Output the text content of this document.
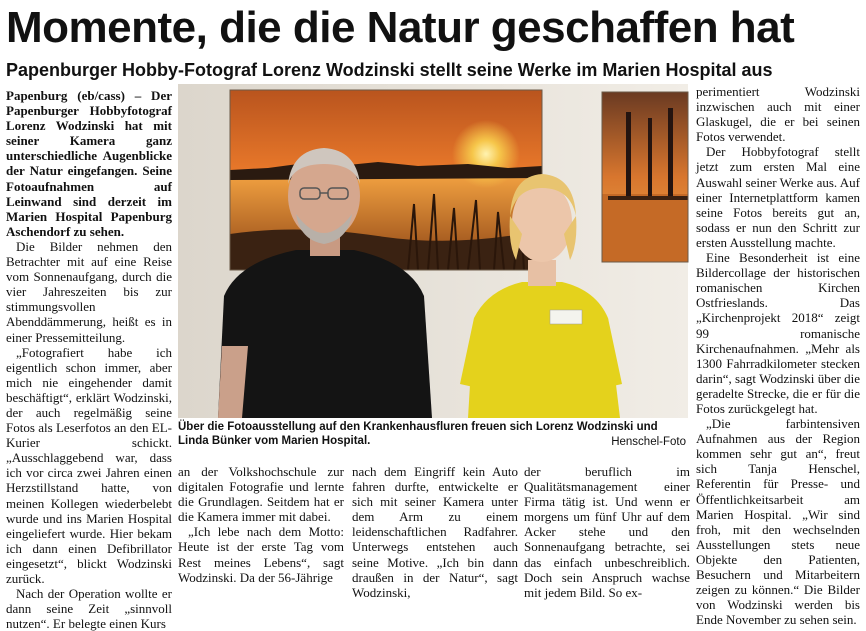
Momente, die die Natur geschaffen hat
Papenburger Hobby-Fotograf Lorenz Wodzinski stellt seine Werke im Marien Hospital aus

Papenburg (eb/cass) – Der Papenburger Hobbyfotograf Lorenz Wodzinski hat mit seiner Kamera ganz unterschiedliche Augenblicke der Natur eingefangen. Seine Fotoaufnahmen auf Leinwand sind derzeit im Marien Hospital Papenburg Aschendorf zu sehen.

Die Bilder nehmen den Betrachter mit auf eine Reise vom Sonnenaufgang, durch die vier Jahreszeiten bis zur stimmungsvollen Abenddämmerung, heißt es in einer Pressemitteilung.

„Fotografiert habe ich eigentlich schon immer, aber mich nie eingehender damit beschäftigt“, erklärt Wodzinski, der auch regelmäßig seine Fotos als Leserfotos an den EL-Kurier schickt. „Ausschlaggebend war, dass ich vor circa zwei Jahren einen Herzstillstand hatte, von meinen Kollegen wiederbelebt wurde und ins Marien Hospital eingeliefert wurde. Hier bekam ich dann einen Defibrillator eingesetzt“, blickt Wodzinski zurück.

Nach der Operation wollte er dann seine Zeit „sinnvoll nutzen“. Er belegte einen Kurs

Über die Fotoausstellung auf den Krankenhausfluren freuen sich Lorenz Wodzinski und Linda Bünker vom Marien Hospital.	Henschel-Foto

an der Volkshochschule zur digitalen Fotografie und lernte die Grundlagen. Seitdem hat er die Kamera immer mit dabei.

„Ich lebe nach dem Motto: Heute ist der erste Tag vom Rest meines Lebens“, sagt Wodzinski. Da der 56-Jährige

nach dem Eingriff kein Auto fahren durfte, entwickelte er sich mit seiner Kamera unter dem Arm zu einem leidenschaftlichen Radfahrer. Unterwegs entstehen auch seine Motive. „Ich bin dann draußen in der Natur“, sagt Wodzinski,

der beruflich im Qualitätsmanagement einer Firma tätig ist. Und wenn er morgens um fünf Uhr auf dem Acker stehe und den Sonnenaufgang betrachte, sei das einfach unbeschreiblich. Doch sein Anspruch wachse mit jedem Bild. So ex-

perimentiert Wodzinski inzwischen auch mit einer Glaskugel, die er bei seinen Fotos verwendet.

Der Hobbyfotograf stellt jetzt zum ersten Mal eine Auswahl seiner Werke aus. Auf einer Internetplattform kamen seine Fotos bereits gut an, sodass er nun den Schritt zur ersten Ausstellung machte.

Eine Besonderheit ist eine Bildercollage der historischen romanischen Kirchen Ostfrieslands. Das „Kirchenprojekt 2018“ zeigt 99 romanische Kirchenaufnahmen. „Mehr als 1300 Fahrradkilometer stecken darin“, sagt Wodzinski über die geradelte Strecke, die er für die Fotos zurückgelegt hat.

„Die farbintensiven Aufnahmen aus der Region kommen sehr gut an“, freut sich Tanja Henschel, Referentin für Presse- und Öffentlichkeitsarbeit am Marien Hospital. „Wir sind froh, mit den wechselnden Ausstellungen stets neue Objekte den Patienten, Besuchern und Mitarbeitern zeigen zu können.“ Die Bilder von Wodzinski werden bis Ende November zu sehen sein.
